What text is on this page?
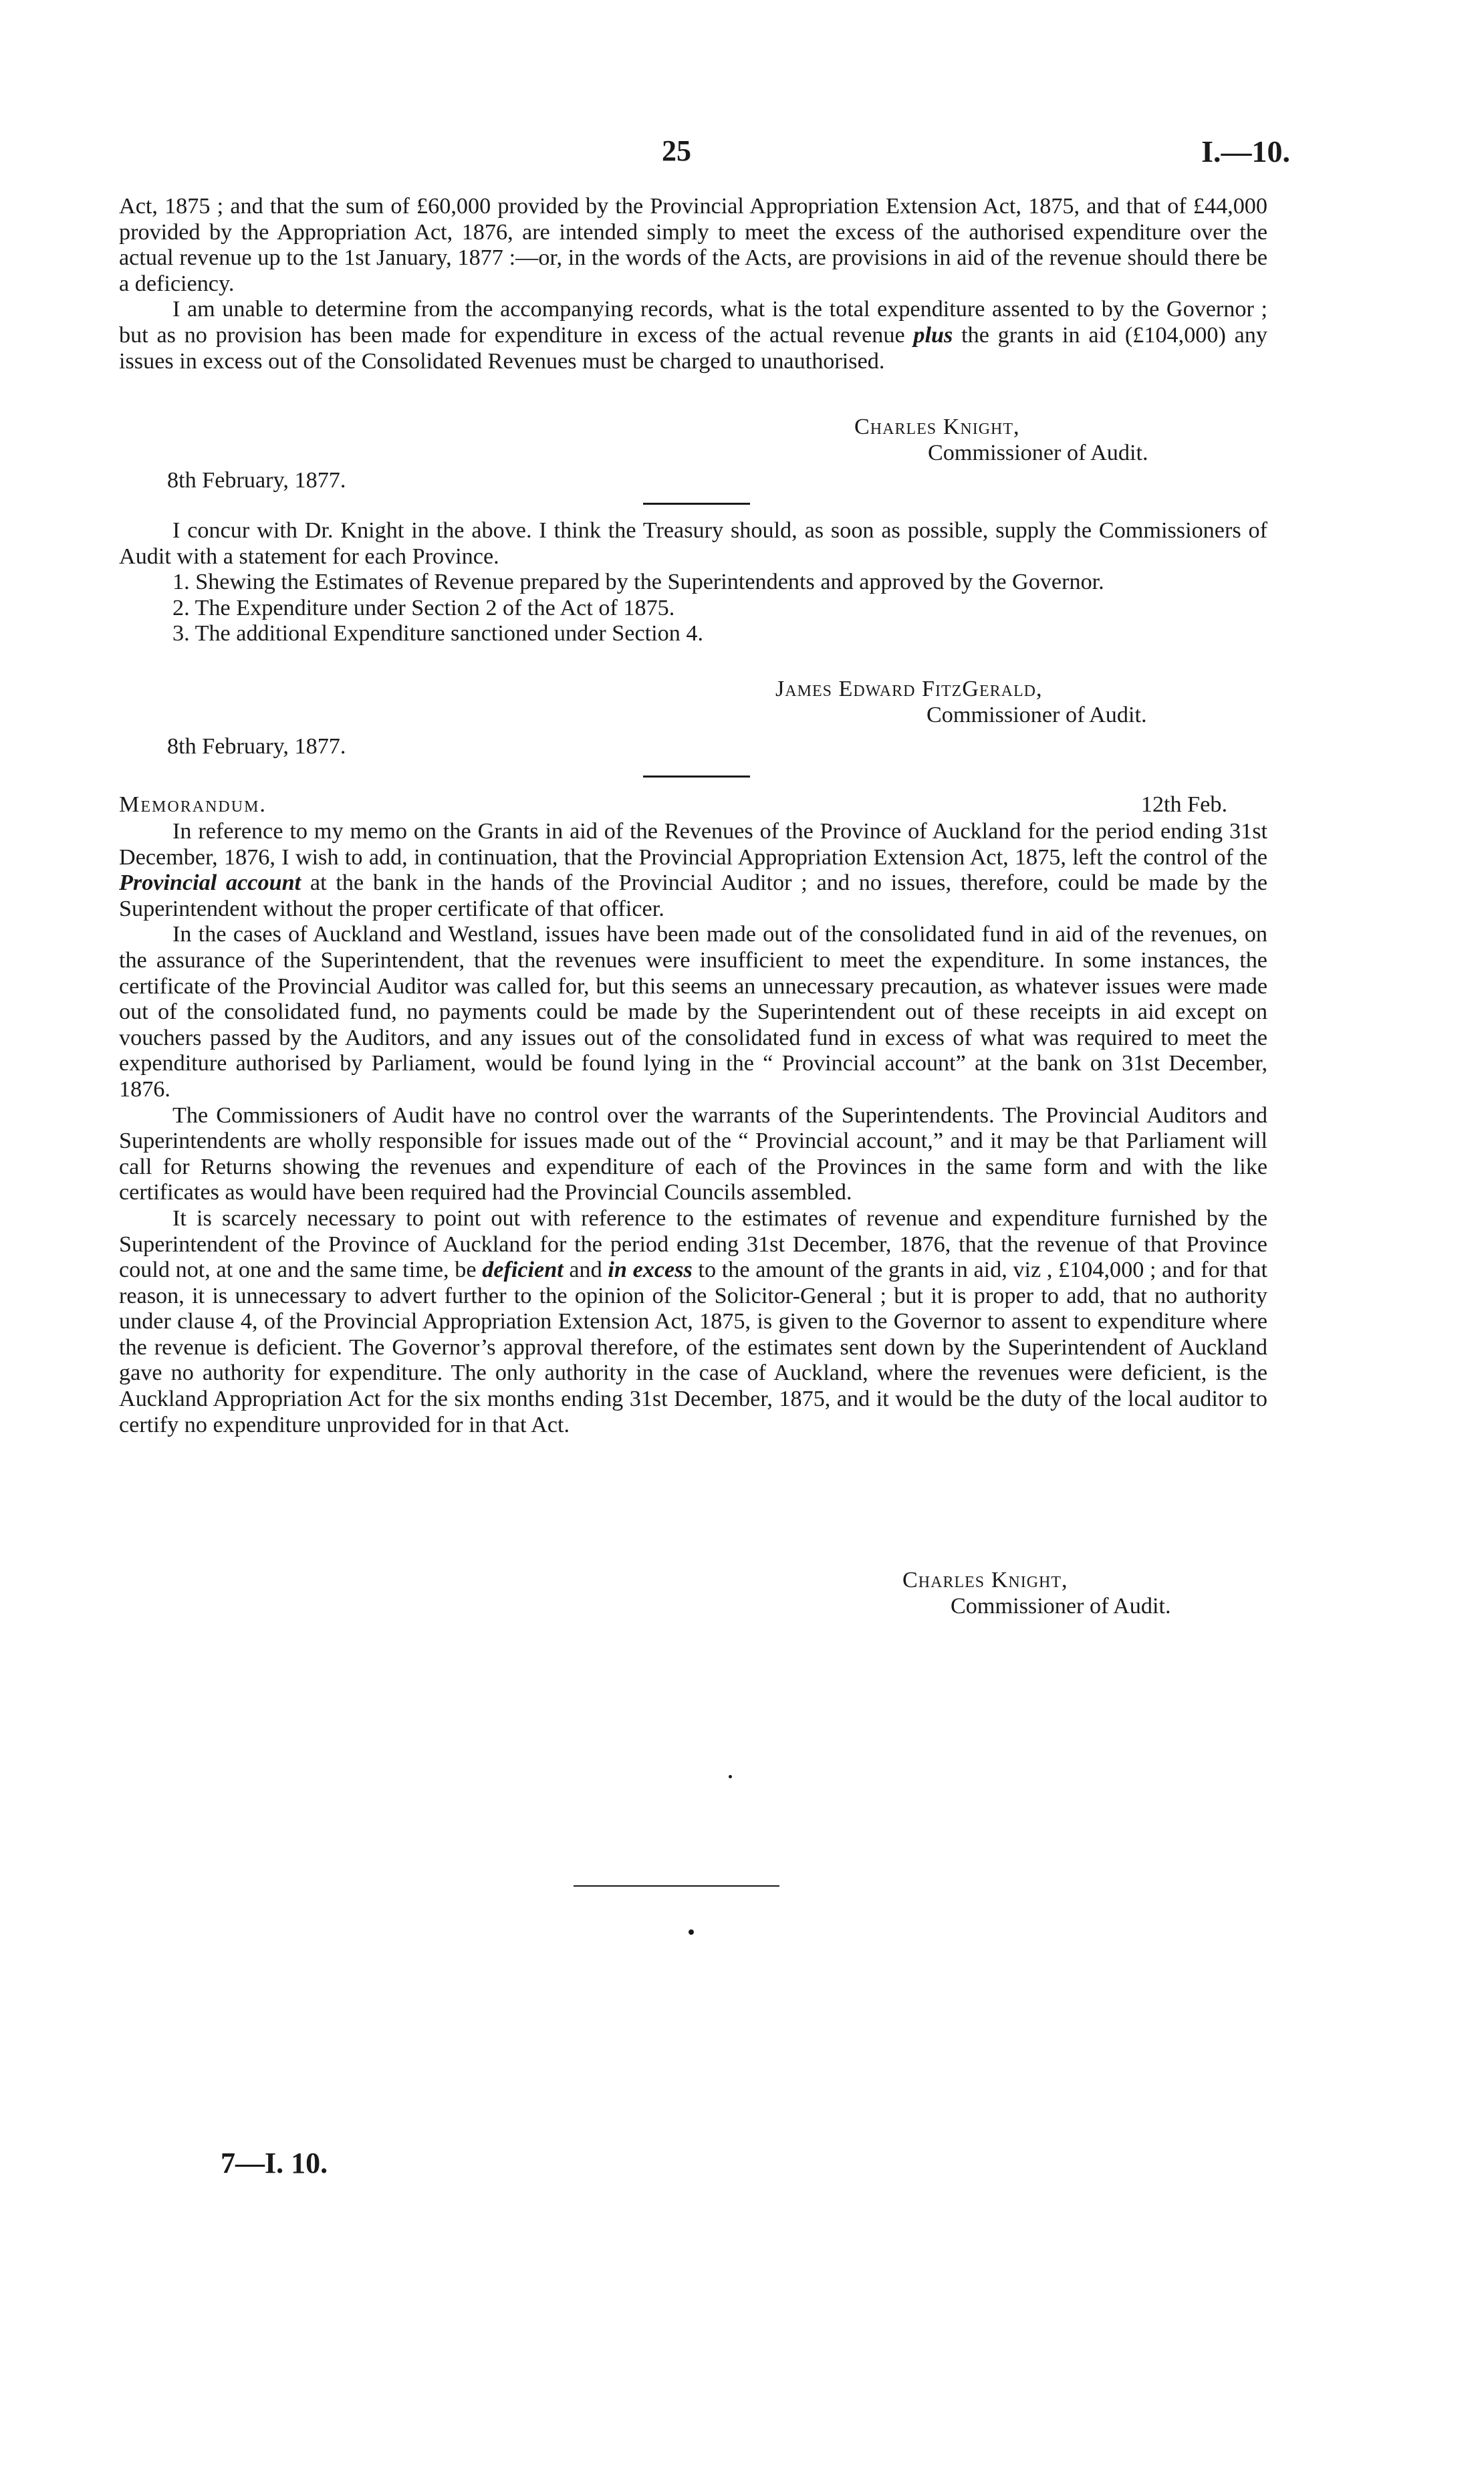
25	I.—10.

Act, 1875 ; and that the sum of £60,000 provided by the Provincial Appropriation Extension Act, 1875, and that of £44,000 provided by the Appropriation Act, 1876, are intended simply to meet the excess of the authorised expenditure over the actual revenue up to the 1st January, 1877 :—or, in the words of the Acts, are provisions in aid of the revenue should there be a deficiency.

I am unable to determine from the accompanying records, what is the total expenditure assented to by the Governor ; but as no provision has been made for expenditure in excess of the actual revenue plus the grants in aid (£104,000) any issues in excess out of the Consolidated Revenues must be charged to unauthorised.

Charles Knight,
Commissioner of Audit.
8th February, 1877.

I concur with Dr. Knight in the above. I think the Treasury should, as soon as possible, supply the Commissioners of Audit with a statement for each Province.

1. Shewing the Estimates of Revenue prepared by the Superintendents and approved by the Governor.

2. The Expenditure under Section 2 of the Act of 1875.

3. The additional Expenditure sanctioned under Section 4.

James Edward FitzGerald,
Commissioner of Audit.
8th February, 1877.
Memorandum.	12th Feb.

In reference to my memo on the Grants in aid of the Revenues of the Province of Auckland for the period ending 31st December, 1876, I wish to add, in continuation, that the Provincial Appropriation Extension Act, 1875, left the control of the Provincial account at the bank in the hands of the Provincial Auditor ; and no issues, therefore, could be made by the Superintendent without the proper certificate of that officer.

In the cases of Auckland and Westland, issues have been made out of the consolidated fund in aid of the revenues, on the assurance of the Superintendent, that the revenues were insufficient to meet the expenditure. In some instances, the certificate of the Provincial Auditor was called for, but this seems an unnecessary precaution, as whatever issues were made out of the consolidated fund, no payments could be made by the Superintendent out of these receipts in aid except on vouchers passed by the Auditors, and any issues out of the consolidated fund in excess of what was required to meet the expenditure authorised by Parliament, would be found lying in the “ Provincial account” at the bank on 31st December, 1876.

The Commissioners of Audit have no control over the warrants of the Superintendents. The Provincial Auditors and Superintendents are wholly responsible for issues made out of the “ Provincial account,” and it may be that Parliament will call for Returns showing the revenues and expenditure of each of the Provinces in the same form and with the like certificates as would have been required had the Provincial Councils assembled.

It is scarcely necessary to point out with reference to the estimates of revenue and expenditure furnished by the Superintendent of the Province of Auckland for the period ending 31st December, 1876, that the revenue of that Province could not, at one and the same time, be deficient and in excess to the amount of the grants in aid, viz , £104,000 ; and for that reason, it is unnecessary to advert further to the opinion of the Solicitor-General ; but it is proper to add, that no authority under clause 4, of the Provincial Appropriation Extension Act, 1875, is given to the Governor to assent to expenditure where the revenue is deficient. The Governor’s approval therefore, of the estimates sent down by the Superintendent of Auckland gave no authority for expenditure. The only authority in the case of Auckland, where the revenues were deficient, is the Auckland Appropriation Act for the six months ending 31st December, 1875, and it would be the duty of the local auditor to certify no expenditure unprovided for in that Act.

Charles Knight,
Commissioner of Audit.
7—I. 10.
